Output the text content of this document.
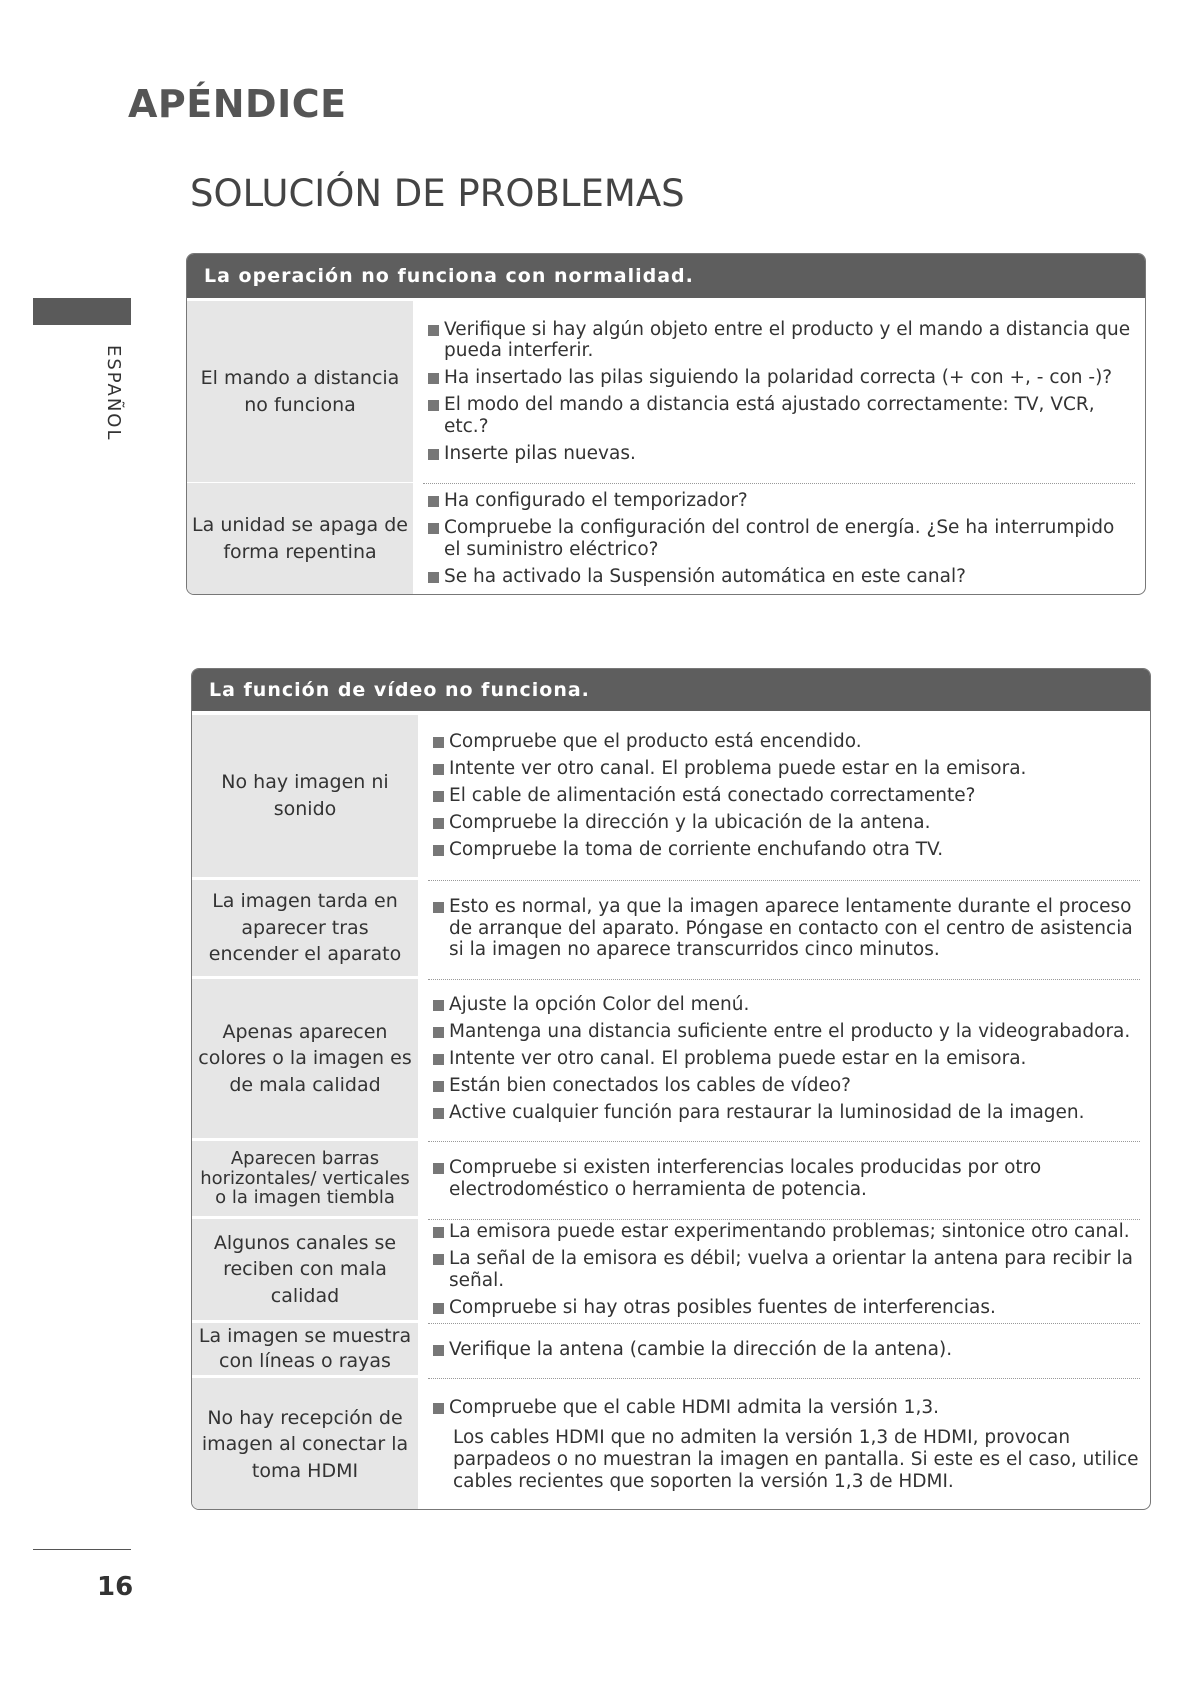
APÉNDICE
SOLUCIÓN DE PROBLEMAS
ESPAÑOL
La operación no funciona con normalidad.
El mando a distancia no funciona
Verifique si hay algún objeto entre el producto y el mando a distancia que pueda interferir.
Ha insertado las pilas siguiendo la polaridad correcta (+ con +, - con -)?
El modo del mando a distancia está ajustado correctamente: TV, VCR, etc.?
Inserte pilas nuevas.
La unidad se apaga de forma repentina
Ha configurado el temporizador?
Compruebe la configuración del control de energía. ¿Se ha interrumpido el suministro eléctrico?
Se ha activado la Suspensión automática en este canal?
La función de vídeo no funciona.
No hay imagen ni sonido
Compruebe que el producto está encendido.
Intente ver otro canal. El problema puede estar en la emisora.
El cable de alimentación está conectado correctamente?
Compruebe la dirección y la ubicación de la antena.
Compruebe la toma de corriente enchufando otra TV.
La imagen tarda en aparecer tras encender el aparato
Esto es normal, ya que la imagen aparece lentamente durante el proceso de arranque del aparato. Póngase en contacto con el centro de asistencia si la imagen no aparece transcurridos cinco minutos.
Apenas aparecen colores o la imagen es de mala calidad
Ajuste la opción Color del menú.
Mantenga una distancia suficiente entre el producto y la videograbadora.
Intente ver otro canal. El problema puede estar en la emisora.
Están bien conectados los cables de vídeo?
Active cualquier función para restaurar la luminosidad de la imagen.
Aparecen barras horizontales/ verticales o la imagen tiembla
Compruebe si existen interferencias locales producidas por otro electrodoméstico o herramienta de potencia.
Algunos canales se reciben con mala calidad
La emisora puede estar experimentando problemas; sintonice otro canal.
La señal de la emisora es débil; vuelva a orientar la antena para recibir la señal.
Compruebe si hay otras posibles fuentes de interferencias.
La imagen se muestra con líneas o rayas
Verifique la antena (cambie la dirección de la antena).
No hay recepción de imagen al conectar la toma HDMI
Compruebe que el cable HDMI admita la versión 1,3.
Los cables HDMI que no admiten la versión 1,3 de HDMI, provocan parpadeos o no muestran la imagen en pantalla. Si este es el caso, utilice cables recientes que soporten la versión 1,3 de HDMI.
16
